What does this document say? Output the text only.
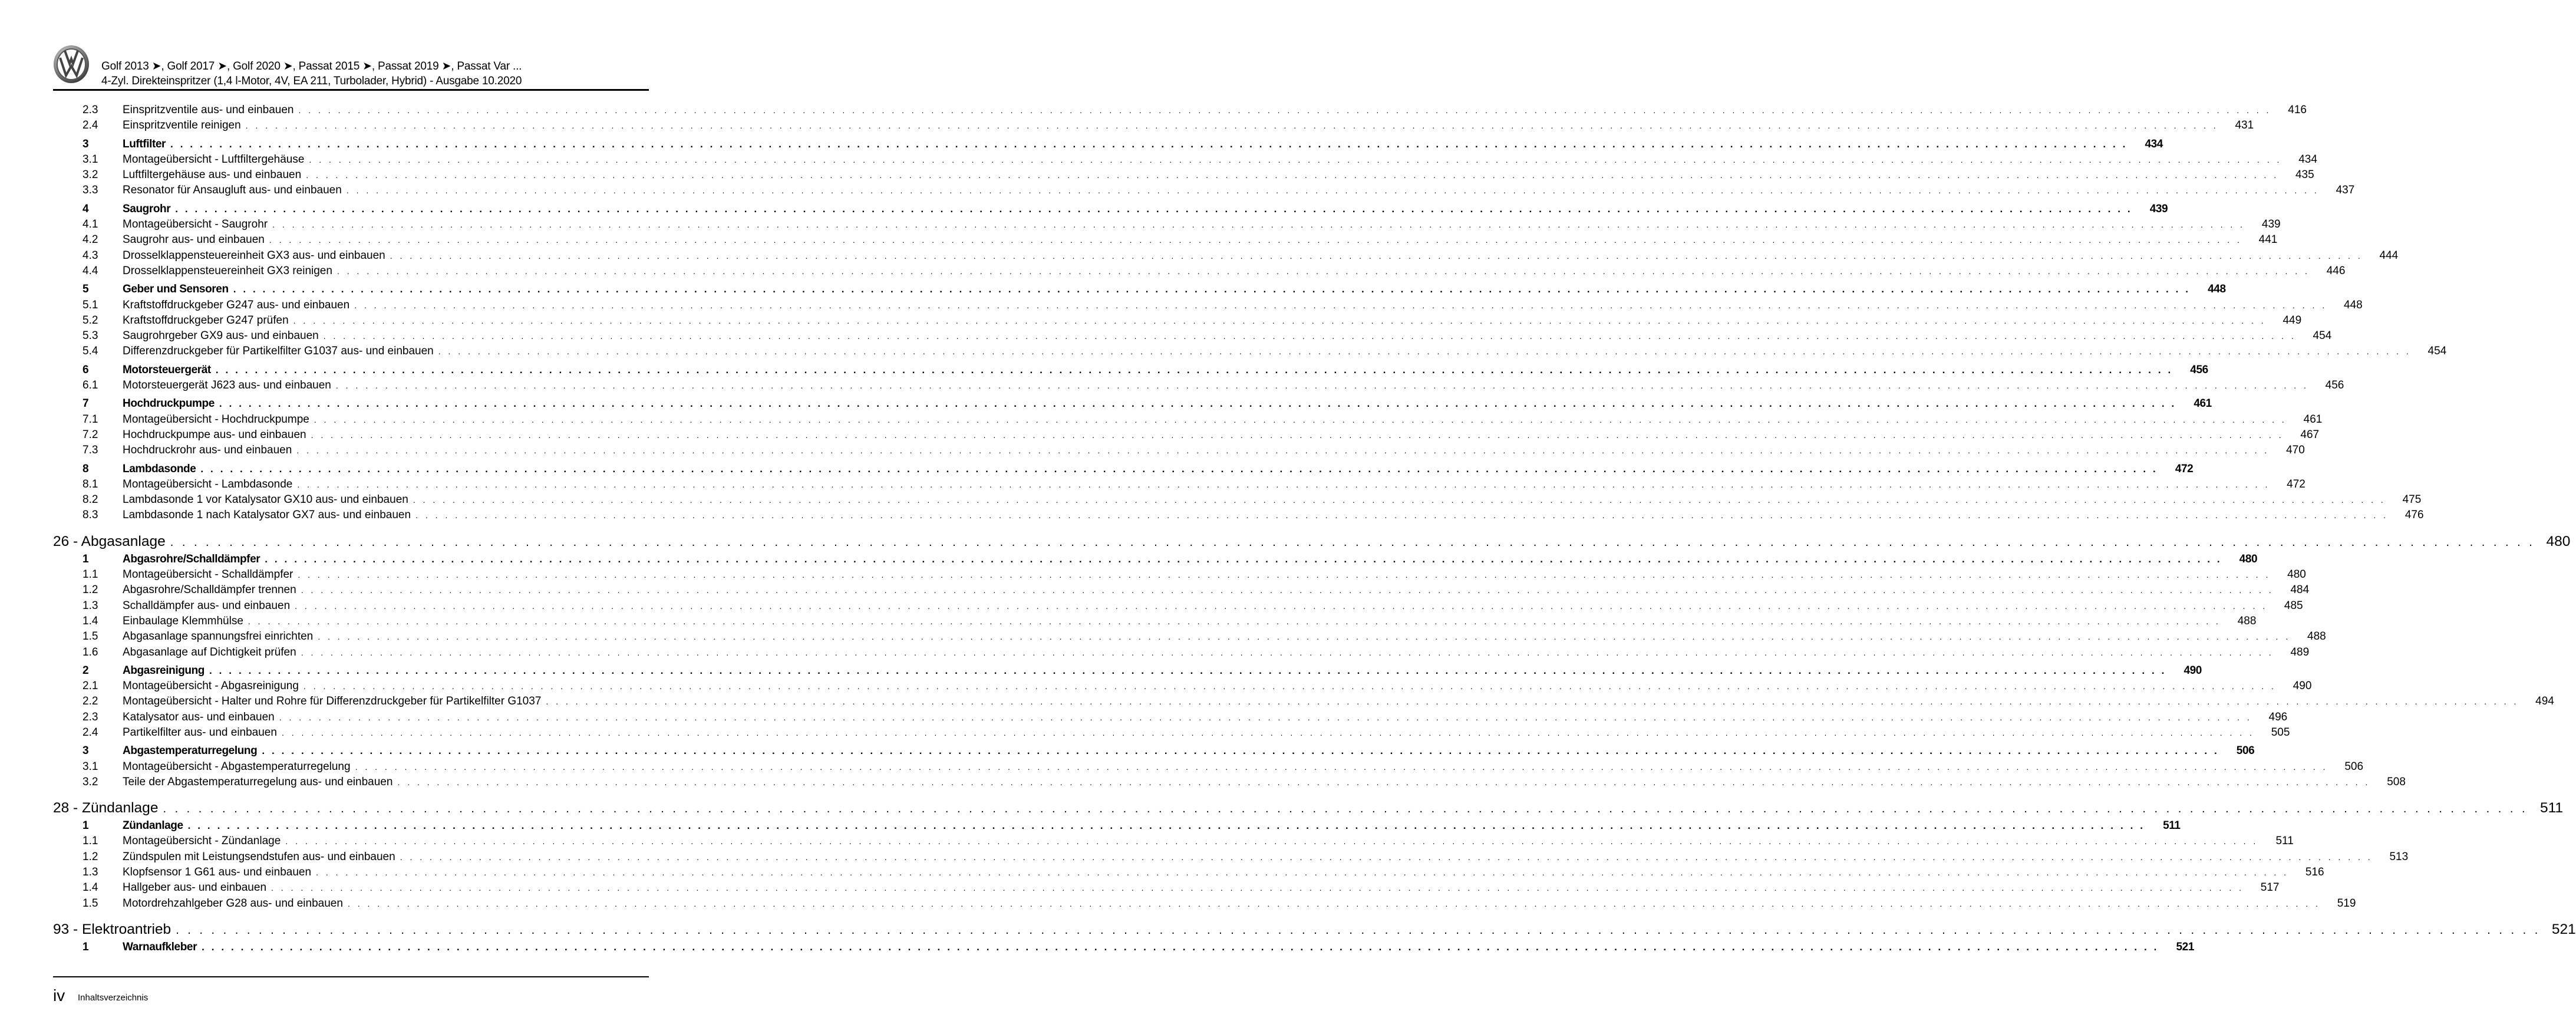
Golf 2013 ➤, Golf 2017 ➤, Golf 2020 ➤, Passat 2015 ➤, Passat 2019 ➤, Passat Var ...
4-Zyl. Direkteinspritzer (1,4 l-Motor, 4V, EA 211, Turbolader, Hybrid) - Ausgabe 10.2020
2.3	Einspritzventile aus- und einbauen . . . . . . . . . . . . . . . . . . . . . . . . . . . . . . . . . . . . . . . . . . . . . . . . . . . . . . . . . . . . . . . . . . . . . . . . . . . . . . . . . . . . . . . . . . . . . . . . . . . . . . . . . . . . . . . . . . . . . . . . . . . . . . . . . . . . . . . . . . . . . . . . . . . . . . . . . . . . . . . . . . . . . . . . . . . . . . . . . . . . . . . . . . . . . . . . . . . . . . . .	416
2.4	Einspritzventile reinigen . . . . . . . . . . . . . . . . . . . . . . . . . . . . . . . . . . . . . . . . . . . . . . . . . . . . . . . . . . . . . . . . . . . . . . . . . . . . . . . . . . . . . . . . . . . . . . . . . . . . . . . . . . . . . . . . . . . . . . . . . . . . . . . . . . . . . . . . . . . . . . . . . . . . . . . . . . . . . . . . . . . . . . . . . . . . . . . . . . . . . . . . . . . . . . . . . . . . . . . .	431
3	Luftfilter . . . . . . . . . . . . . . . . . . . . . . . . . . . . . . . . . . . . . . . . . . . . . . . . . . . . . . . . . . . . . . . . . . . . . . . . . . . . . . . . . . . . . . . . . . . . . . . . . . . . . . . . . . . . . . . . . . . . . . . . . . . . . . . . . . . . . . . . . . . . . . . . . . . . . . . . . . . . . . . . . . . . . . . . . . . . . . . . . . . . . . . . . . . . . . . . . . . . . . . .	434
3.1	Montageübersicht - Luftfiltergehäuse . . . . . . . . . . . . . . . . . . . . . . . . . . . . . . . . . . . . . . . . . . . . . . . . . . . . . . . . . . . . . . . . . . . . . . . . . . . . . . . . . . . . . . . . . . . . . . . . . . . . . . . . . . . . . . . . . . . . . . . . . . . . . . . . . . . . . . . . . . . . . . . . . . . . . . . . . . . . . . . . . . . . . . . . . . . . . . . . . . . . . . . . . . . . . . . . . . . . . . . .	434
3.2	Luftfiltergehäuse aus- und einbauen . . . . . . . . . . . . . . . . . . . . . . . . . . . . . . . . . . . . . . . . . . . . . . . . . . . . . . . . . . . . . . . . . . . . . . . . . . . . . . . . . . . . . . . . . . . . . . . . . . . . . . . . . . . . . . . . . . . . . . . . . . . . . . . . . . . . . . . . . . . . . . . . . . . . . . . . . . . . . . . . . . . . . . . . . . . . . . . . . . . . . . . . . . . . . . . . . . . . . . . .	435
3.3	Resonator für Ansaugluft aus- und einbauen . . . . . . . . . . . . . . . . . . . . . . . . . . . . . . . . . . . . . . . . . . . . . . . . . . . . . . . . . . . . . . . . . . . . . . . . . . . . . . . . . . . . . . . . . . . . . . . . . . . . . . . . . . . . . . . . . . . . . . . . . . . . . . . . . . . . . . . . . . . . . . . . . . . . . . . . . . . . . . . . . . . . . . . . . . . . . . . . . . . . . . . . . . . . . . . . . . . . . . . .	437
4	Saugrohr . . . . . . . . . . . . . . . . . . . . . . . . . . . . . . . . . . . . . . . . . . . . . . . . . . . . . . . . . . . . . . . . . . . . . . . . . . . . . . . . . . . . . . . . . . . . . . . . . . . . . . . . . . . . . . . . . . . . . . . . . . . . . . . . . . . . . . . . . . . . . . . . . . . . . . . . . . . . . . . . . . . . . . . . . . . . . . . . . . . . . . . . . . . . . . . . . . . . . . . .	439
4.1	Montageübersicht - Saugrohr . . . . . . . . . . . . . . . . . . . . . . . . . . . . . . . . . . . . . . . . . . . . . . . . . . . . . . . . . . . . . . . . . . . . . . . . . . . . . . . . . . . . . . . . . . . . . . . . . . . . . . . . . . . . . . . . . . . . . . . . . . . . . . . . . . . . . . . . . . . . . . . . . . . . . . . . . . . . . . . . . . . . . . . . . . . . . . . . . . . . . . . . . . . . . . . . . . . . . . . .	439
4.2	Saugrohr aus- und einbauen . . . . . . . . . . . . . . . . . . . . . . . . . . . . . . . . . . . . . . . . . . . . . . . . . . . . . . . . . . . . . . . . . . . . . . . . . . . . . . . . . . . . . . . . . . . . . . . . . . . . . . . . . . . . . . . . . . . . . . . . . . . . . . . . . . . . . . . . . . . . . . . . . . . . . . . . . . . . . . . . . . . . . . . . . . . . . . . . . . . . . . . . . . . . . . . . . . . . . . . .	441
4.3	Drosselklappensteuereinheit GX3 aus- und einbauen . . . . . . . . . . . . . . . . . . . . . . . . . . . . . . . . . . . . . . . . . . . . . . . . . . . . . . . . . . . . . . . . . . . . . . . . . . . . . . . . . . . . . . . . . . . . . . . . . . . . . . . . . . . . . . . . . . . . . . . . . . . . . . . . . . . . . . . . . . . . . . . . . . . . . . . . . . . . . . . . . . . . . . . . . . . . . . . . . . . . . . . . . . . . . . . . . . . . . . . .	444
4.4	Drosselklappensteuereinheit GX3 reinigen . . . . . . . . . . . . . . . . . . . . . . . . . . . . . . . . . . . . . . . . . . . . . . . . . . . . . . . . . . . . . . . . . . . . . . . . . . . . . . . . . . . . . . . . . . . . . . . . . . . . . . . . . . . . . . . . . . . . . . . . . . . . . . . . . . . . . . . . . . . . . . . . . . . . . . . . . . . . . . . . . . . . . . . . . . . . . . . . . . . . . . . . . . . . . . . . . . . . . . . .	446
5	Geber und Sensoren . . . . . . . . . . . . . . . . . . . . . . . . . . . . . . . . . . . . . . . . . . . . . . . . . . . . . . . . . . . . . . . . . . . . . . . . . . . . . . . . . . . . . . . . . . . . . . . . . . . . . . . . . . . . . . . . . . . . . . . . . . . . . . . . . . . . . . . . . . . . . . . . . . . . . . . . . . . . . . . . . . . . . . . . . . . . . . . . . . . . . . . . . . . . . . . . . . . . . . . .	448
5.1	Kraftstoffdruckgeber G247 aus- und einbauen . . . . . . . . . . . . . . . . . . . . . . . . . . . . . . . . . . . . . . . . . . . . . . . . . . . . . . . . . . . . . . . . . . . . . . . . . . . . . . . . . . . . . . . . . . . . . . . . . . . . . . . . . . . . . . . . . . . . . . . . . . . . . . . . . . . . . . . . . . . . . . . . . . . . . . . . . . . . . . . . . . . . . . . . . . . . . . . . . . . . . . . . . . . . . . . . . . . . . . . .	448
5.2	Kraftstoffdruckgeber G247 prüfen . . . . . . . . . . . . . . . . . . . . . . . . . . . . . . . . . . . . . . . . . . . . . . . . . . . . . . . . . . . . . . . . . . . . . . . . . . . . . . . . . . . . . . . . . . . . . . . . . . . . . . . . . . . . . . . . . . . . . . . . . . . . . . . . . . . . . . . . . . . . . . . . . . . . . . . . . . . . . . . . . . . . . . . . . . . . . . . . . . . . . . . . . . . . . . . . . . . . . . . .	449
5.3	Saugrohrgeber GX9 aus- und einbauen . . . . . . . . . . . . . . . . . . . . . . . . . . . . . . . . . . . . . . . . . . . . . . . . . . . . . . . . . . . . . . . . . . . . . . . . . . . . . . . . . . . . . . . . . . . . . . . . . . . . . . . . . . . . . . . . . . . . . . . . . . . . . . . . . . . . . . . . . . . . . . . . . . . . . . . . . . . . . . . . . . . . . . . . . . . . . . . . . . . . . . . . . . . . . . . . . . . . . . . .	454
5.4	Differenzdruckgeber für Partikelfilter G1037 aus- und einbauen . . . . . . . . . . . . . . . . . . . . . . . . . . . . . . . . . . . . . . . . . . . . . . . . . . . . . . . . . . . . . . . . . . . . . . . . . . . . . . . . . . . . . . . . . . . . . . . . . . . . . . . . . . . . . . . . . . . . . . . . . . . . . . . . . . . . . . . . . . . . . . . . . . . . . . . . . . . . . . . . . . . . . . . . . . . . . . . . . . . . . . . . . . . . . . . . . . . . . . . .	454
6	Motorsteuergerät . . . . . . . . . . . . . . . . . . . . . . . . . . . . . . . . . . . . . . . . . . . . . . . . . . . . . . . . . . . . . . . . . . . . . . . . . . . . . . . . . . . . . . . . . . . . . . . . . . . . . . . . . . . . . . . . . . . . . . . . . . . . . . . . . . . . . . . . . . . . . . . . . . . . . . . . . . . . . . . . . . . . . . . . . . . . . . . . . . . . . . . . . . . . . . . . . . . . . . . .	456
6.1	Motorsteuergerät J623 aus- und einbauen . . . . . . . . . . . . . . . . . . . . . . . . . . . . . . . . . . . . . . . . . . . . . . . . . . . . . . . . . . . . . . . . . . . . . . . . . . . . . . . . . . . . . . . . . . . . . . . . . . . . . . . . . . . . . . . . . . . . . . . . . . . . . . . . . . . . . . . . . . . . . . . . . . . . . . . . . . . . . . . . . . . . . . . . . . . . . . . . . . . . . . . . . . . . . . . . . . . . . . . .	456
7	Hochdruckpumpe . . . . . . . . . . . . . . . . . . . . . . . . . . . . . . . . . . . . . . . . . . . . . . . . . . . . . . . . . . . . . . . . . . . . . . . . . . . . . . . . . . . . . . . . . . . . . . . . . . . . . . . . . . . . . . . . . . . . . . . . . . . . . . . . . . . . . . . . . . . . . . . . . . . . . . . . . . . . . . . . . . . . . . . . . . . . . . . . . . . . . . . . . . . . . . . . . . . . . . . .	461
7.1	Montageübersicht - Hochdruckpumpe . . . . . . . . . . . . . . . . . . . . . . . . . . . . . . . . . . . . . . . . . . . . . . . . . . . . . . . . . . . . . . . . . . . . . . . . . . . . . . . . . . . . . . . . . . . . . . . . . . . . . . . . . . . . . . . . . . . . . . . . . . . . . . . . . . . . . . . . . . . . . . . . . . . . . . . . . . . . . . . . . . . . . . . . . . . . . . . . . . . . . . . . . . . . . . . . . . . . . . . .	461
7.2	Hochdruckpumpe aus- und einbauen . . . . . . . . . . . . . . . . . . . . . . . . . . . . . . . . . . . . . . . . . . . . . . . . . . . . . . . . . . . . . . . . . . . . . . . . . . . . . . . . . . . . . . . . . . . . . . . . . . . . . . . . . . . . . . . . . . . . . . . . . . . . . . . . . . . . . . . . . . . . . . . . . . . . . . . . . . . . . . . . . . . . . . . . . . . . . . . . . . . . . . . . . . . . . . . . . . . . . . . .	467
7.3	Hochdruckrohr aus- und einbauen . . . . . . . . . . . . . . . . . . . . . . . . . . . . . . . . . . . . . . . . . . . . . . . . . . . . . . . . . . . . . . . . . . . . . . . . . . . . . . . . . . . . . . . . . . . . . . . . . . . . . . . . . . . . . . . . . . . . . . . . . . . . . . . . . . . . . . . . . . . . . . . . . . . . . . . . . . . . . . . . . . . . . . . . . . . . . . . . . . . . . . . . . . . . . . . . . . . . . . . .	470
8	Lambdasonde . . . . . . . . . . . . . . . . . . . . . . . . . . . . . . . . . . . . . . . . . . . . . . . . . . . . . . . . . . . . . . . . . . . . . . . . . . . . . . . . . . . . . . . . . . . . . . . . . . . . . . . . . . . . . . . . . . . . . . . . . . . . . . . . . . . . . . . . . . . . . . . . . . . . . . . . . . . . . . . . . . . . . . . . . . . . . . . . . . . . . . . . . . . . . . . . . . . . . . . .	472
8.1	Montageübersicht - Lambdasonde . . . . . . . . . . . . . . . . . . . . . . . . . . . . . . . . . . . . . . . . . . . . . . . . . . . . . . . . . . . . . . . . . . . . . . . . . . . . . . . . . . . . . . . . . . . . . . . . . . . . . . . . . . . . . . . . . . . . . . . . . . . . . . . . . . . . . . . . . . . . . . . . . . . . . . . . . . . . . . . . . . . . . . . . . . . . . . . . . . . . . . . . . . . . . . . . . . . . . . . .	472
8.2	Lambdasonde 1 vor Katalysator GX10 aus- und einbauen . . . . . . . . . . . . . . . . . . . . . . . . . . . . . . . . . . . . . . . . . . . . . . . . . . . . . . . . . . . . . . . . . . . . . . . . . . . . . . . . . . . . . . . . . . . . . . . . . . . . . . . . . . . . . . . . . . . . . . . . . . . . . . . . . . . . . . . . . . . . . . . . . . . . . . . . . . . . . . . . . . . . . . . . . . . . . . . . . . . . . . . . . . . . . . . . . . . . . . . .	475
8.3	Lambdasonde 1 nach Katalysator GX7 aus- und einbauen . . . . . . . . . . . . . . . . . . . . . . . . . . . . . . . . . . . . . . . . . . . . . . . . . . . . . . . . . . . . . . . . . . . . . . . . . . . . . . . . . . . . . . . . . . . . . . . . . . . . . . . . . . . . . . . . . . . . . . . . . . . . . . . . . . . . . . . . . . . . . . . . . . . . . . . . . . . . . . . . . . . . . . . . . . . . . . . . . . . . . . . . . . . . . . . . . . . . . . . .	476
26 - Abgasanlage . . . . . . . . . . . . . . . . . . . . . . . . . . . . . . . . . . . . . . . . . . . . . . . . . . . . . . . . . . . . . . . . . . . . . . . . . . . . . . . . . . . . . . . . . . . . . . . . . . . . . . . . . . . . . . . . . . . . . . . . . . . . . . . . . . . . . . . . . . . . . . . . . . . . . . . . . . . . . . . . . . . . . . . . . . . . . . . . . . . . . . . . . . . . . . . . . . . . . . . . 480
1	Abgasrohre/Schalldämpfer . . . . . . . . . . . . . . . . . . . . . . . . . . . . . . . . . . . . . . . . . . . . . . . . . . . . . . . . . . . . . . . . . . . . . . . . . . . . . . . . . . . . . . . . . . . . . . . . . . . . . . . . . . . . . . . . . . . . . . . . . . . . . . . . . . . . . . . . . . . . . . . . . . . . . . . . . . . . . . . . . . . . . . . . . . . . . . . . . . . . . . . . . . . . . . . . . . . . . . . .	480
1.1	Montageübersicht - Schalldämpfer . . . . . . . . . . . . . . . . . . . . . . . . . . . . . . . . . . . . . . . . . . . . . . . . . . . . . . . . . . . . . . . . . . . . . . . . . . . . . . . . . . . . . . . . . . . . . . . . . . . . . . . . . . . . . . . . . . . . . . . . . . . . . . . . . . . . . . . . . . . . . . . . . . . . . . . . . . . . . . . . . . . . . . . . . . . . . . . . . . . . . . . . . . . . . . . . . . . . . . . .	480
1.2	Abgasrohre/Schalldämpfer trennen . . . . . . . . . . . . . . . . . . . . . . . . . . . . . . . . . . . . . . . . . . . . . . . . . . . . . . . . . . . . . . . . . . . . . . . . . . . . . . . . . . . . . . . . . . . . . . . . . . . . . . . . . . . . . . . . . . . . . . . . . . . . . . . . . . . . . . . . . . . . . . . . . . . . . . . . . . . . . . . . . . . . . . . . . . . . . . . . . . . . . . . . . . . . . . . . . . . . . . . .	484
1.3	Schalldämpfer aus- und einbauen . . . . . . . . . . . . . . . . . . . . . . . . . . . . . . . . . . . . . . . . . . . . . . . . . . . . . . . . . . . . . . . . . . . . . . . . . . . . . . . . . . . . . . . . . . . . . . . . . . . . . . . . . . . . . . . . . . . . . . . . . . . . . . . . . . . . . . . . . . . . . . . . . . . . . . . . . . . . . . . . . . . . . . . . . . . . . . . . . . . . . . . . . . . . . . . . . . . . . . . .	485
1.4	Einbaulage Klemmhülse . . . . . . . . . . . . . . . . . . . . . . . . . . . . . . . . . . . . . . . . . . . . . . . . . . . . . . . . . . . . . . . . . . . . . . . . . . . . . . . . . . . . . . . . . . . . . . . . . . . . . . . . . . . . . . . . . . . . . . . . . . . . . . . . . . . . . . . . . . . . . . . . . . . . . . . . . . . . . . . . . . . . . . . . . . . . . . . . . . . . . . . . . . . . . . . . . . . . . . . .	488
1.5	Abgasanlage spannungsfrei einrichten . . . . . . . . . . . . . . . . . . . . . . . . . . . . . . . . . . . . . . . . . . . . . . . . . . . . . . . . . . . . . . . . . . . . . . . . . . . . . . . . . . . . . . . . . . . . . . . . . . . . . . . . . . . . . . . . . . . . . . . . . . . . . . . . . . . . . . . . . . . . . . . . . . . . . . . . . . . . . . . . . . . . . . . . . . . . . . . . . . . . . . . . . . . . . . . . . . . . . . . .	488
1.6	Abgasanlage auf Dichtigkeit prüfen . . . . . . . . . . . . . . . . . . . . . . . . . . . . . . . . . . . . . . . . . . . . . . . . . . . . . . . . . . . . . . . . . . . . . . . . . . . . . . . . . . . . . . . . . . . . . . . . . . . . . . . . . . . . . . . . . . . . . . . . . . . . . . . . . . . . . . . . . . . . . . . . . . . . . . . . . . . . . . . . . . . . . . . . . . . . . . . . . . . . . . . . . . . . . . . . . . . . . . . .	489
2	Abgasreinigung . . . . . . . . . . . . . . . . . . . . . . . . . . . . . . . . . . . . . . . . . . . . . . . . . . . . . . . . . . . . . . . . . . . . . . . . . . . . . . . . . . . . . . . . . . . . . . . . . . . . . . . . . . . . . . . . . . . . . . . . . . . . . . . . . . . . . . . . . . . . . . . . . . . . . . . . . . . . . . . . . . . . . . . . . . . . . . . . . . . . . . . . . . . . . . . . . . . . . . . .	490
2.1	Montageübersicht - Abgasreinigung . . . . . . . . . . . . . . . . . . . . . . . . . . . . . . . . . . . . . . . . . . . . . . . . . . . . . . . . . . . . . . . . . . . . . . . . . . . . . . . . . . . . . . . . . . . . . . . . . . . . . . . . . . . . . . . . . . . . . . . . . . . . . . . . . . . . . . . . . . . . . . . . . . . . . . . . . . . . . . . . . . . . . . . . . . . . . . . . . . . . . . . . . . . . . . . . . . . . . . . .	490
2.2	Montageübersicht - Halter und Rohre für Differenzdruckgeber für Partikelfilter G1037 . . . . . . . . . . . . . . . . . . . . . . . . . . . . . . . . . . . . . . . . . . . . . . . . . . . . . . . . . . . . . . . . . . . . . . . . . . . . . . . . . . . . . . . . . . . . . . . . . . . . . . . . . . . . . . . . . . . . . . . . . . . . . . . . . . . . . . . . . . . . . . . . . . . . . . . . . . . . . . . . . . . . . . . . . . . . . . . . . . . . . . . . . . . . . . . . . . . . . . . .	494
2.3	Katalysator aus- und einbauen . . . . . . . . . . . . . . . . . . . . . . . . . . . . . . . . . . . . . . . . . . . . . . . . . . . . . . . . . . . . . . . . . . . . . . . . . . . . . . . . . . . . . . . . . . . . . . . . . . . . . . . . . . . . . . . . . . . . . . . . . . . . . . . . . . . . . . . . . . . . . . . . . . . . . . . . . . . . . . . . . . . . . . . . . . . . . . . . . . . . . . . . . . . . . . . . . . . . . . . .	496
2.4	Partikelfilter aus- und einbauen . . . . . . . . . . . . . . . . . . . . . . . . . . . . . . . . . . . . . . . . . . . . . . . . . . . . . . . . . . . . . . . . . . . . . . . . . . . . . . . . . . . . . . . . . . . . . . . . . . . . . . . . . . . . . . . . . . . . . . . . . . . . . . . . . . . . . . . . . . . . . . . . . . . . . . . . . . . . . . . . . . . . . . . . . . . . . . . . . . . . . . . . . . . . . . . . . . . . . . . .	505
3	Abgastemperaturregelung . . . . . . . . . . . . . . . . . . . . . . . . . . . . . . . . . . . . . . . . . . . . . . . . . . . . . . . . . . . . . . . . . . . . . . . . . . . . . . . . . . . . . . . . . . . . . . . . . . . . . . . . . . . . . . . . . . . . . . . . . . . . . . . . . . . . . . . . . . . . . . . . . . . . . . . . . . . . . . . . . . . . . . . . . . . . . . . . . . . . . . . . . . . . . . . . . . . . . . . .	506
3.1	Montageübersicht - Abgastemperaturregelung . . . . . . . . . . . . . . . . . . . . . . . . . . . . . . . . . . . . . . . . . . . . . . . . . . . . . . . . . . . . . . . . . . . . . . . . . . . . . . . . . . . . . . . . . . . . . . . . . . . . . . . . . . . . . . . . . . . . . . . . . . . . . . . . . . . . . . . . . . . . . . . . . . . . . . . . . . . . . . . . . . . . . . . . . . . . . . . . . . . . . . . . . . . . . . . . . . . . . . . .	506
3.2	Teile der Abgastemperaturregelung aus- und einbauen . . . . . . . . . . . . . . . . . . . . . . . . . . . . . . . . . . . . . . . . . . . . . . . . . . . . . . . . . . . . . . . . . . . . . . . . . . . . . . . . . . . . . . . . . . . . . . . . . . . . . . . . . . . . . . . . . . . . . . . . . . . . . . . . . . . . . . . . . . . . . . . . . . . . . . . . . . . . . . . . . . . . . . . . . . . . . . . . . . . . . . . . . . . . . . . . . . . . . . . .	508
28 - Zündanlage . . . . . . . . . . . . . . . . . . . . . . . . . . . . . . . . . . . . . . . . . . . . . . . . . . . . . . . . . . . . . . . . . . . . . . . . . . . . . . . . . . . . . . . . . . . . . . . . . . . . . . . . . . . . . . . . . . . . . . . . . . . . . . . . . . . . . . . . . . . . . . . . . . . . . . . . . . . . . . . . . . . . . . . . . . . . . . . . . . . . . . . . . . . . . . . . . . . . . . . . 511
1	Zündanlage . . . . . . . . . . . . . . . . . . . . . . . . . . . . . . . . . . . . . . . . . . . . . . . . . . . . . . . . . . . . . . . . . . . . . . . . . . . . . . . . . . . . . . . . . . . . . . . . . . . . . . . . . . . . . . . . . . . . . . . . . . . . . . . . . . . . . . . . . . . . . . . . . . . . . . . . . . . . . . . . . . . . . . . . . . . . . . . . . . . . . . . . . . . . . . . . . . . . . . . .	511
1.1	Montageübersicht - Zündanlage . . . . . . . . . . . . . . . . . . . . . . . . . . . . . . . . . . . . . . . . . . . . . . . . . . . . . . . . . . . . . . . . . . . . . . . . . . . . . . . . . . . . . . . . . . . . . . . . . . . . . . . . . . . . . . . . . . . . . . . . . . . . . . . . . . . . . . . . . . . . . . . . . . . . . . . . . . . . . . . . . . . . . . . . . . . . . . . . . . . . . . . . . . . . . . . . . . . . . . . .	511
1.2	Zündspulen mit Leistungsendstufen aus- und einbauen . . . . . . . . . . . . . . . . . . . . . . . . . . . . . . . . . . . . . . . . . . . . . . . . . . . . . . . . . . . . . . . . . . . . . . . . . . . . . . . . . . . . . . . . . . . . . . . . . . . . . . . . . . . . . . . . . . . . . . . . . . . . . . . . . . . . . . . . . . . . . . . . . . . . . . . . . . . . . . . . . . . . . . . . . . . . . . . . . . . . . . . . . . . . . . . . . . . . . . . .	513
1.3	Klopfsensor 1 G61 aus- und einbauen . . . . . . . . . . . . . . . . . . . . . . . . . . . . . . . . . . . . . . . . . . . . . . . . . . . . . . . . . . . . . . . . . . . . . . . . . . . . . . . . . . . . . . . . . . . . . . . . . . . . . . . . . . . . . . . . . . . . . . . . . . . . . . . . . . . . . . . . . . . . . . . . . . . . . . . . . . . . . . . . . . . . . . . . . . . . . . . . . . . . . . . . . . . . . . . . . . . . . . . .	516
1.4	Hallgeber aus- und einbauen . . . . . . . . . . . . . . . . . . . . . . . . . . . . . . . . . . . . . . . . . . . . . . . . . . . . . . . . . . . . . . . . . . . . . . . . . . . . . . . . . . . . . . . . . . . . . . . . . . . . . . . . . . . . . . . . . . . . . . . . . . . . . . . . . . . . . . . . . . . . . . . . . . . . . . . . . . . . . . . . . . . . . . . . . . . . . . . . . . . . . . . . . . . . . . . . . . . . . . . .	517
1.5	Motordrehzahlgeber G28 aus- und einbauen . . . . . . . . . . . . . . . . . . . . . . . . . . . . . . . . . . . . . . . . . . . . . . . . . . . . . . . . . . . . . . . . . . . . . . . . . . . . . . . . . . . . . . . . . . . . . . . . . . . . . . . . . . . . . . . . . . . . . . . . . . . . . . . . . . . . . . . . . . . . . . . . . . . . . . . . . . . . . . . . . . . . . . . . . . . . . . . . . . . . . . . . . . . . . . . . . . . . . . . .	519
93 - Elektroantrieb . . . . . . . . . . . . . . . . . . . . . . . . . . . . . . . . . . . . . . . . . . . . . . . . . . . . . . . . . . . . . . . . . . . . . . . . . . . . . . . . . . . . . . . . . . . . . . . . . . . . . . . . . . . . . . . . . . . . . . . . . . . . . . . . . . . . . . . . . . . . . . . . . . . . . . . . . . . . . . . . . . . . . . . . . . . . . . . . . . . . . . . . . . . . . . . . . . . . . . . . 521
1	Warnaufkleber . . . . . . . . . . . . . . . . . . . . . . . . . . . . . . . . . . . . . . . . . . . . . . . . . . . . . . . . . . . . . . . . . . . . . . . . . . . . . . . . . . . . . . . . . . . . . . . . . . . . . . . . . . . . . . . . . . . . . . . . . . . . . . . . . . . . . . . . . . . . . . . . . . . . . . . . . . . . . . . . . . . . . . . . . . . . . . . . . . . . . . . . . . . . . . . . . . . . . . . .	521
iv Inhaltsverzeichnis
